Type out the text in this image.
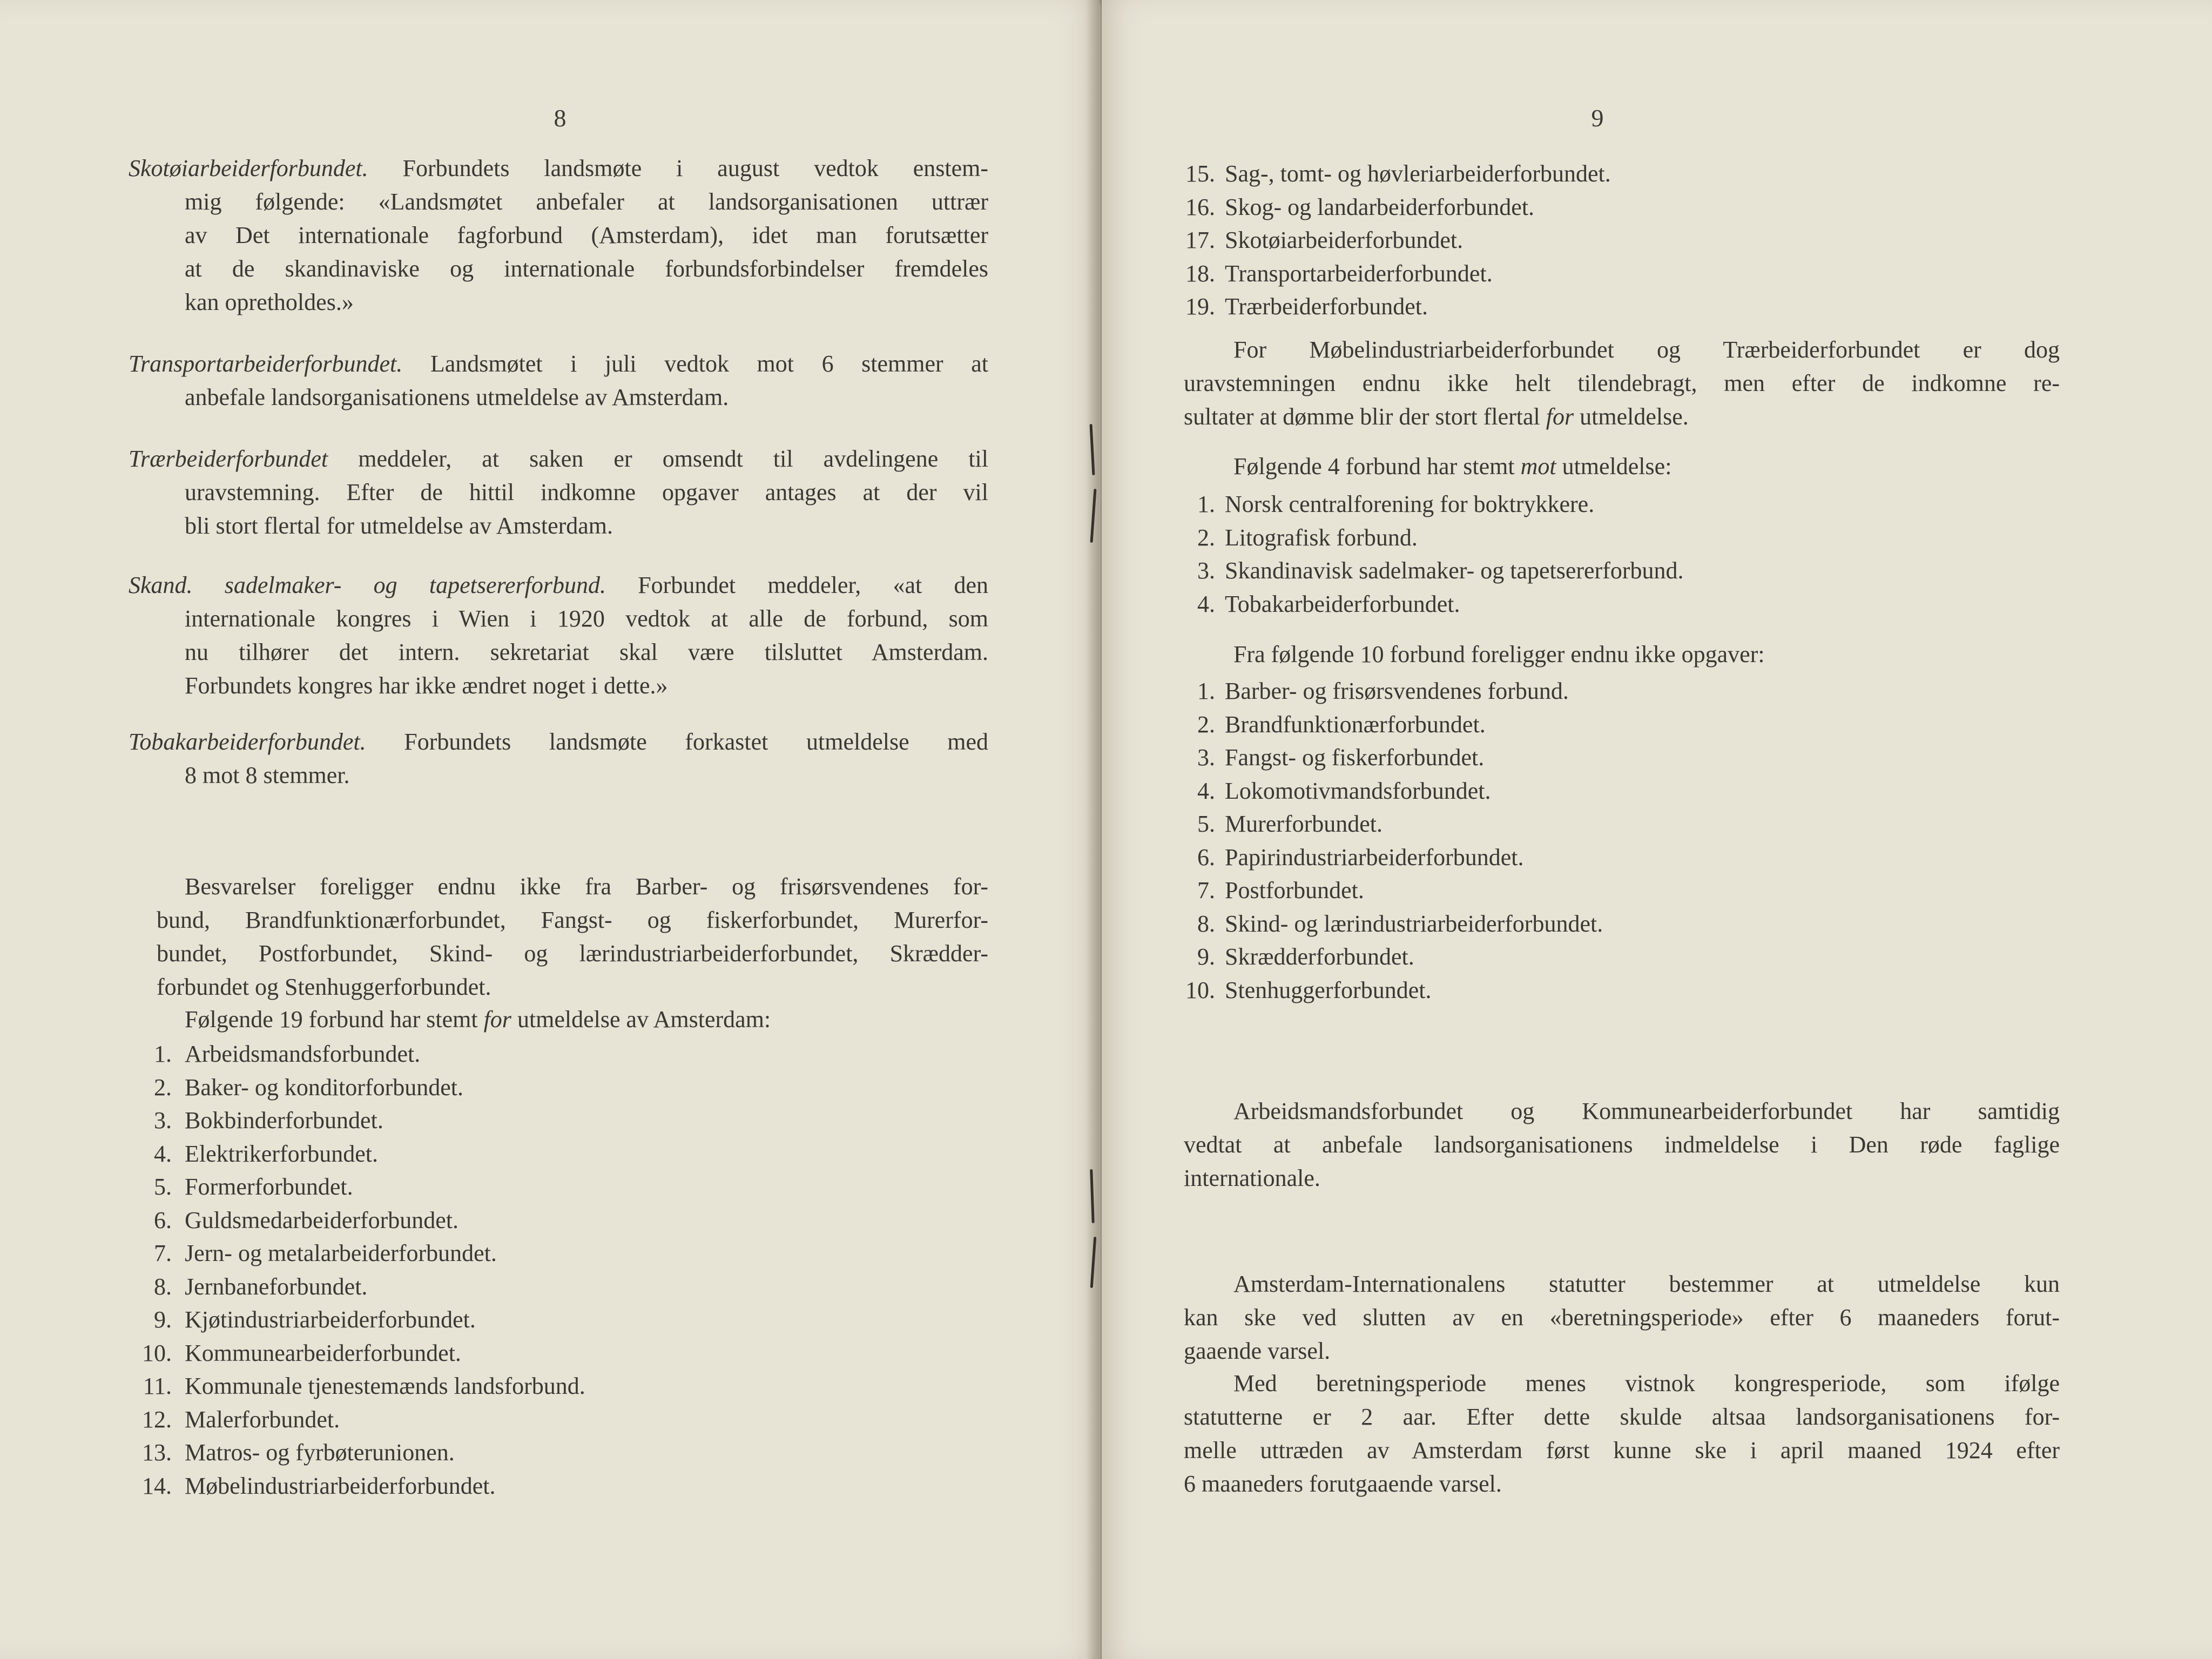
8
Skotøiarbeiderforbundet. Forbundets landsmøte i august vedtok enstem-
mig følgende: «Landsmøtet anbefaler at landsorganisationen uttrær
av Det internationale fagforbund (Amsterdam), idet man forutsætter
at de skandinaviske og internationale forbundsforbindelser fremdeles
kan opretholdes.»
Transportarbeiderforbundet. Landsmøtet i juli vedtok mot 6 stemmer at
anbefale landsorganisationens utmeldelse av Amsterdam.
Trærbeiderforbundet meddeler, at saken er omsendt til avdelingene til
uravstemning. Efter de hittil indkomne opgaver antages at der vil
bli stort flertal for utmeldelse av Amsterdam.
Skand. sadelmaker- og tapetsererforbund. Forbundet meddeler, «at den
internationale kongres i Wien i 1920 vedtok at alle de forbund, som
nu tilhører det intern. sekretariat skal være tilsluttet Amsterdam.
Forbundets kongres har ikke ændret noget i dette.»
Tobakarbeiderforbundet. Forbundets landsmøte forkastet utmeldelse med
8 mot 8 stemmer.
Besvarelser foreligger endnu ikke fra Barber- og frisørsvendenes for-
bund, Brandfunktionærforbundet, Fangst- og fiskerforbundet, Murerfor-
bundet, Postforbundet, Skind- og lærindustriarbeiderforbundet, Skrædder-
forbundet og Stenhuggerforbundet.
Følgende 19 forbund har stemt for utmeldelse av Amsterdam:
1. Arbeidsmandsforbundet.
2. Baker- og konditorforbundet.
3. Bokbinderforbundet.
4. Elektrikerforbundet.
5. Formerforbundet.
6. Guldsmedarbeiderforbundet.
7. Jern- og metalarbeiderforbundet.
8. Jernbaneforbundet.
9. Kjøtindustriarbeiderforbundet.
10. Kommunearbeiderforbundet.
11. Kommunale tjenestemænds landsforbund.
12. Malerforbundet.
13. Matros- og fyrbøterunionen.
14. Møbelindustriarbeiderforbundet.
9
15. Sag-, tomt- og høvleriarbeiderforbundet.
16. Skog- og landarbeiderforbundet.
17. Skotøiarbeiderforbundet.
18. Transportarbeiderforbundet.
19. Trærbeiderforbundet.
For Møbelindustriarbeiderforbundet og Trærbeiderforbundet er dog
uravstemningen endnu ikke helt tilendebragt, men efter de indkomne re-
sultater at dømme blir der stort flertal for utmeldelse.
Følgende 4 forbund har stemt mot utmeldelse:
1. Norsk centralforening for boktrykkere.
2. Litografisk forbund.
3. Skandinavisk sadelmaker- og tapetsererforbund.
4. Tobakarbeiderforbundet.
Fra følgende 10 forbund foreligger endnu ikke opgaver:
1. Barber- og frisørsvendenes forbund.
2. Brandfunktionærforbundet.
3. Fangst- og fiskerforbundet.
4. Lokomotivmandsforbundet.
5. Murerforbundet.
6. Papirindustriarbeiderforbundet.
7. Postforbundet.
8. Skind- og lærindustriarbeiderforbundet.
9. Skrædderforbundet.
10. Stenhuggerforbundet.
Arbeidsmandsforbundet og Kommunearbeiderforbundet har samtidig
vedtat at anbefale landsorganisationens indmeldelse i Den røde faglige
internationale.
Amsterdam-Internationalens statutter bestemmer at utmeldelse kun
kan ske ved slutten av en «beretningsperiode» efter 6 maaneders forut-
gaaende varsel.
Med beretningsperiode menes vistnok kongresperiode, som ifølge
statutterne er 2 aar. Efter dette skulde altsaa landsorganisationens for-
melle uttræden av Amsterdam først kunne ske i april maaned 1924 efter
6 maaneders forutgaaende varsel.
